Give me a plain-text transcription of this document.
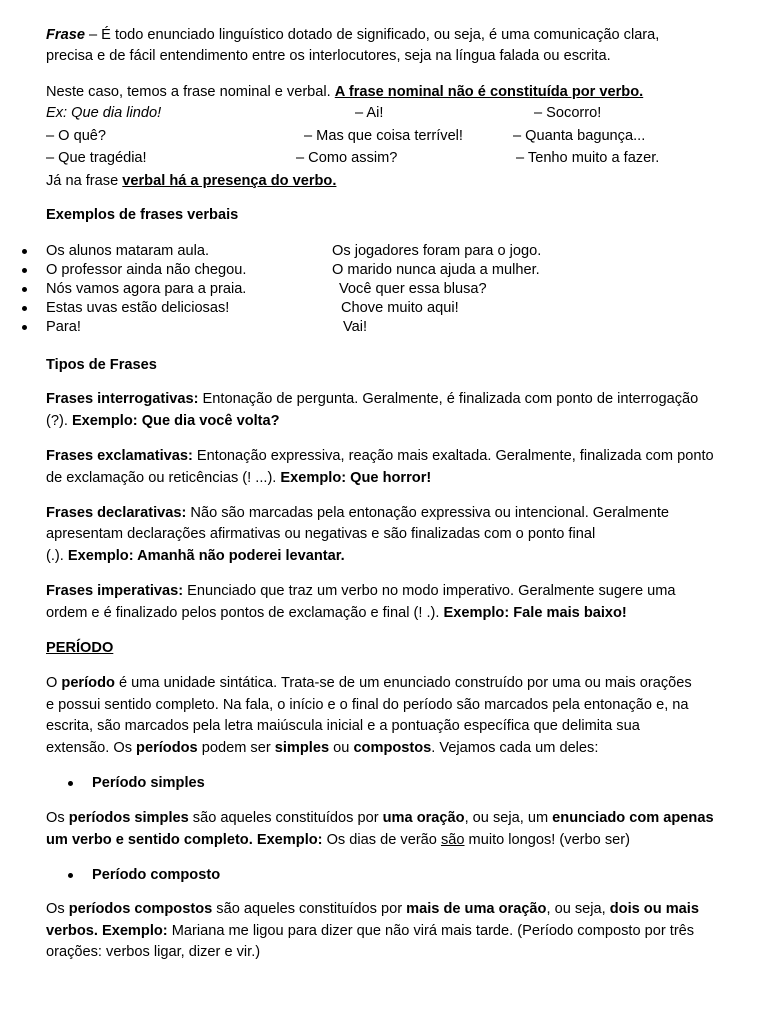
Frase – É todo enunciado linguístico dotado de significado, ou seja, é uma comunicação clara,
precisa e de fácil entendimento entre os interlocutores, seja na língua falada ou escrita.
Neste caso, temos a frase nominal e verbal. A frase nominal não é constituída por verbo.
Ex: Que dia lindo!	– Ai!	– Socorro!
– O quê?	– Mas que coisa terrível!	– Quanta bagunça...
– Que tragédia!	– Como assim?	– Tenho muito a fazer.
Já na frase verbal há a presença do verbo.
Exemplos de frases verbais
Os alunos mataram aula.	Os jogadores foram para o jogo.
O professor ainda não chegou.	O marido nunca ajuda a mulher.
Nós vamos agora para a praia.	Você quer essa blusa?
Estas uvas estão deliciosas!	Chove muito aqui!
Para!	Vai!
Tipos de Frases
Frases interrogativas: Entonação de pergunta. Geralmente, é finalizada com ponto de interrogação
(?). Exemplo: Que dia você volta?
Frases exclamativas: Entonação expressiva, reação mais exaltada. Geralmente, finalizada com ponto
de exclamação ou reticências (! ...). Exemplo: Que horror!
Frases declarativas: Não são marcadas pela entonação expressiva ou intencional. Geralmente
apresentam declarações afirmativas ou negativas e são finalizadas com o ponto final
(.). Exemplo: Amanhã não poderei levantar.
Frases imperativas: Enunciado que traz um verbo no modo imperativo. Geralmente sugere uma
ordem e é finalizado pelos pontos de exclamação e final (! .). Exemplo: Fale mais baixo!
PERÍODO
O período é uma unidade sintática. Trata-se de um enunciado construído por uma ou mais orações
e possui sentido completo. Na fala, o início e o final do período são marcados pela entonação e, na
escrita, são marcados pela letra maiúscula inicial e a pontuação específica que delimita sua
extensão. Os períodos podem ser simples ou compostos. Vejamos cada um deles:
Período simples
Os períodos simples são aqueles constituídos por uma oração, ou seja, um enunciado com apenas
um verbo e sentido completo. Exemplo: Os dias de verão são muito longos! (verbo ser)
Período composto
Os períodos compostos são aqueles constituídos por mais de uma oração, ou seja, dois ou mais
verbos. Exemplo: Mariana me ligou para dizer que não virá mais tarde. (Período composto por três
orações: verbos ligar, dizer e vir.)
